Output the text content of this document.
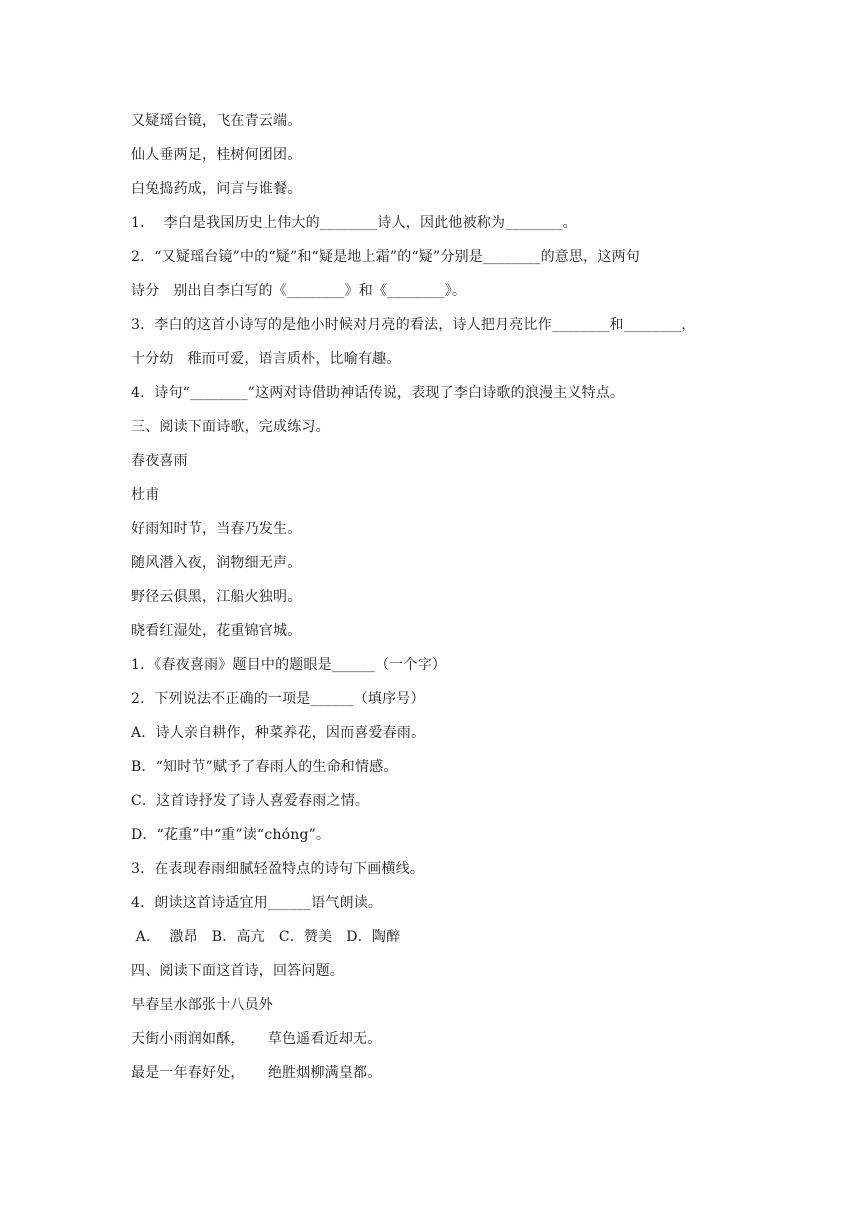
又疑瑶台镜，飞在青云端。
仙人垂两足，桂树何团团。
白兔捣药成，问言与谁餐。
1．  李白是我国历史上伟大的________诗人，因此他被称为________。
2．“又疑瑶台镜”中的“疑”和“疑是地上霜”的“疑”分别是________的意思，这两句
诗分   别出自李白写的《________》和《________》。
3．李白的这首小诗写的是他小时候对月亮的看法，诗人把月亮比作________和________，
十分幼   稚而可爱，语言质朴，比喻有趣。
4．诗句“________”这两对诗借助神话传说，表现了李白诗歌的浪漫主义特点。
三、阅读下面诗歌，完成练习。
春夜喜雨
杜甫
好雨知时节，当春乃发生。
随风潜入夜，润物细无声。
野径云俱黑，江船火独明。
晓看红湿处，花重锦官城。
1．《春夜喜雨》题目中的题眼是______（一个字）
2．下列说法不正确的一项是______（填序号）
A．诗人亲自耕作，种菜养花，因而喜爱春雨。
B．“知时节”赋予了春雨人的生命和情感。
C．这首诗抒发了诗人喜爱春雨之情。
D．“花重”中“重”读“chóng”。
3．在表现春雨细腻轻盈特点的诗句下画横线。
4．朗读这首诗适宜用______语气朗读。
A．  激昂   B．高亢   C．赞美   D．陶醉
四、阅读下面这首诗，回答问题。
早春呈水部张十八员外
天街小雨润如酥，     草色遥看近却无。
最是一年春好处，     绝胜烟柳满皇都。
